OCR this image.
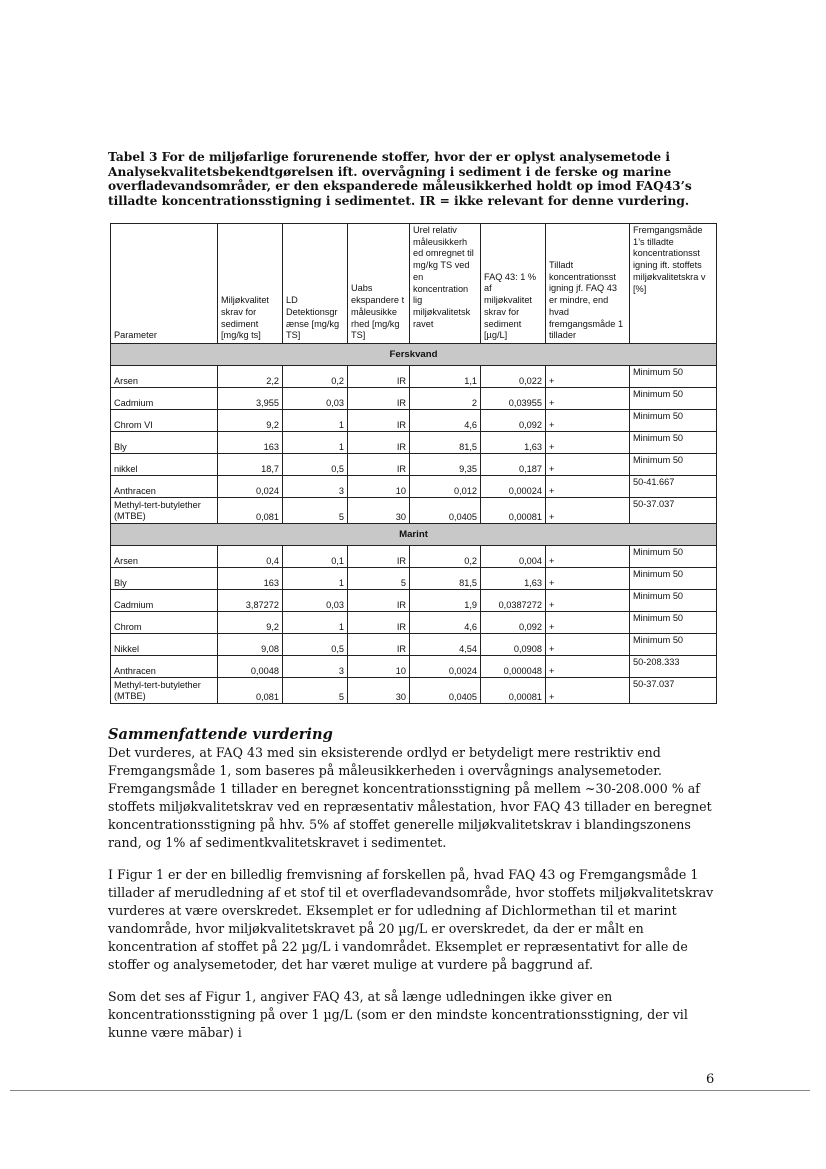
Tabel 3 For de miljøfarlige forurenende stoffer, hvor der er oplyst analysemetode i Analysekvalitetsbekendtgørelsen ift. overvågning i sediment i de ferske og marine overfladevandsområder, er den ekspanderede måleusikkerhed holdt op imod FAQ43’s tilladte koncentrationsstigning i sedimentet. IR = ikke relevant for denne vurdering.
Parameter	Miljøkvalitet skrav for sediment [mg/kg ts]	LD Detektionsgr ænse [mg/kg TS]	Uabs ekspandere t måleusikke rhed [mg/kg TS]	Urel relativ måleusikkerh ed omregnet til mg/kg TS ved en koncentration lig miljøkvalitetsk ravet	FAQ 43: 1 % af miljøkvalitet skrav for sediment [µg/L]	Tilladt koncentrationsst igning jf. FAQ 43 er mindre, end hvad fremgangsmåde 1 tillader	Fremgangsmåde 1’s tilladte koncentrationsst igning ift. stoffets miljøkvalitetskra v [%]
Ferskvand							
Arsen	2,2	0,2	IR	1,1	0,022	+	Minimum 50
Cadmium	3,955	0,03	IR	2	0,03955	+	Minimum 50
Chrom VI	9,2	1	IR	4,6	0,092	+	Minimum 50
Bly	163	1	IR	81,5	1,63	+	Minimum 50
nikkel	18,7	0,5	IR	9,35	0,187	+	Minimum 50
Anthracen	0,024	3	10	0,012	0,00024	+	50-41.667
Methyl-tert-butylether (MTBE)	0,081	5	30	0,0405	0,00081	+	50-37.037
Marint							
Arsen	0,4	0,1	IR	0,2	0,004	+	Minimum 50
Bly	163	1	5	81,5	1,63	+	Minimum 50
Cadmium	3,87272	0,03	IR	1,9	0,0387272	+	Minimum 50
Chrom	9,2	1	IR	4,6	0,092	+	Minimum 50
Nikkel	9,08	0,5	IR	4,54	0,0908	+	Minimum 50
Anthracen	0,0048	3	10	0,0024	0,000048	+	50-208.333
Methyl-tert-butylether (MTBE)	0,081	5	30	0,0405	0,00081	+	50-37.037
Sammenfattende vurdering
Det vurderes, at FAQ 43 med sin eksisterende ordlyd er betydeligt mere restriktiv end Fremgangsmåde 1, som baseres på måleusikkerheden i overvågnings analysemetoder. Fremgangsmåde 1 tillader en beregnet koncentrationsstigning på mellem ~30-208.000 % af stoffets miljøkvalitetskrav ved en repræsentativ målestation, hvor FAQ 43 tillader en beregnet koncentrationsstigning på hhv. 5% af stoffet generelle miljøkvalitetskrav i blandingszonens rand, og 1% af sedimentkvalitetskravet i sedimentet.
I Figur 1 er der en billedlig fremvisning af forskellen på, hvad FAQ 43 og Fremgangsmåde 1 tillader af merudledning af et stof til et overfladevandsområde, hvor stoffets miljøkvalitetskrav vurderes at være overskredet. Eksemplet er for udledning af Dichlormethan til et marint vandområde, hvor miljøkvalitetskravet på 20 µg/L er overskredet, da der er målt en koncentration af stoffet på 22 µg/L i vandområdet. Eksemplet er repræsentativt for alle de stoffer og analysemetoder, det har været mulige at vurdere på baggrund af.
Som det ses af Figur 1, angiver FAQ 43, at så længe udledningen ikke giver en koncentrationsstigning på over 1 µg/L (som er den mindste koncentrationsstigning, der vil kunne være mābar) i
6
